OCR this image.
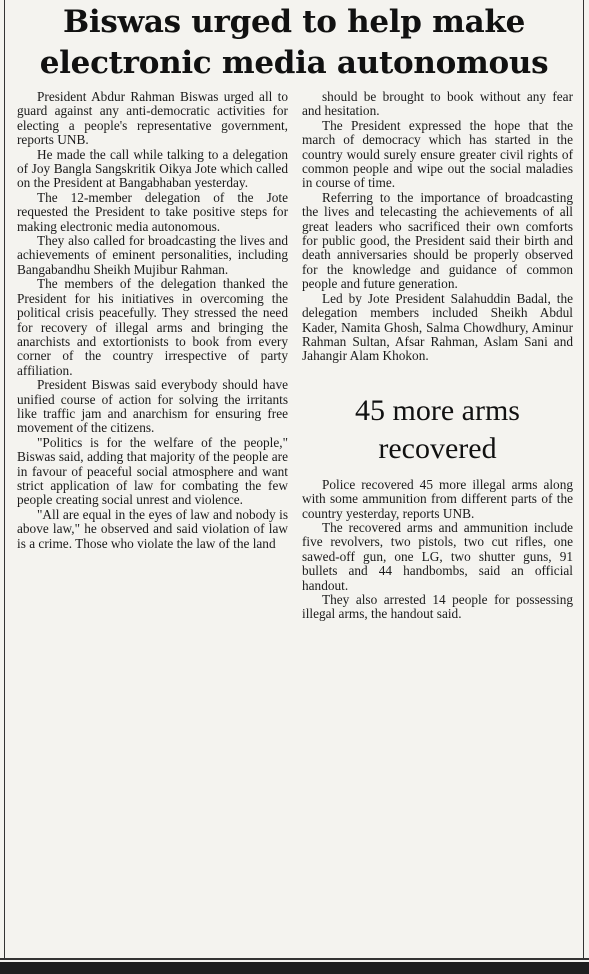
Biswas urged to help make electronic media autonomous

President Abdur Rahman Biswas urged all to guard against any anti-democratic activities for electing a people's representative government, reports UNB.

He made the call while talking to a delegation of Joy Bangla Sangskritik Oikya Jote which called on the President at Bangabhaban yesterday.

The 12-member delegation of the Jote requested the President to take positive steps for making electronic media autonomous.

They also called for broadcasting the lives and achievements of eminent personalities, including Bangabandhu Sheikh Mujibur Rahman.

The members of the delegation thanked the President for his initiatives in overcoming the political crisis peacefully. They stressed the need for recovery of illegal arms and bringing the anarchists and extortionists to book from every corner of the country irrespective of party affiliation.

President Biswas said everybody should have unified course of action for solving the irritants like traffic jam and anarchism for ensuring free movement of the citizens.

"Politics is for the welfare of the people," Biswas said, adding that majority of the people are in favour of peaceful social atmosphere and want strict application of law for combating the few people creating social unrest and violence.

"All are equal in the eyes of law and nobody is above law," he observed and said violation of law is a crime. Those who violate the law of the land

should be brought to book without any fear and hesitation.

The President expressed the hope that the march of democracy which has started in the country would surely ensure greater civil rights of common people and wipe out the social maladies in course of time.

Referring to the importance of broadcasting the lives and telecasting the achievements of all great leaders who sacrificed their own comforts for public good, the President said their birth and death anniversaries should be properly observed for the knowledge and guidance of common people and future generation.

Led by Jote President Salahuddin Badal, the delegation members included Sheikh Abdul Kader, Namita Ghosh, Salma Chowdhury, Aminur Rahman Sultan, Afsar Rahman, Aslam Sani and Jahangir Alam Khokon.

45 more arms recovered

Police recovered 45 more illegal arms along with some ammunition from different parts of the country yesterday, reports UNB.

The recovered arms and ammunition include five revolvers, two pistols, two cut rifles, one sawed-off gun, one LG, two shutter guns, 91 bullets and 44 handbombs, said an official handout.

They also arrested 14 people for possessing illegal arms, the handout said.
